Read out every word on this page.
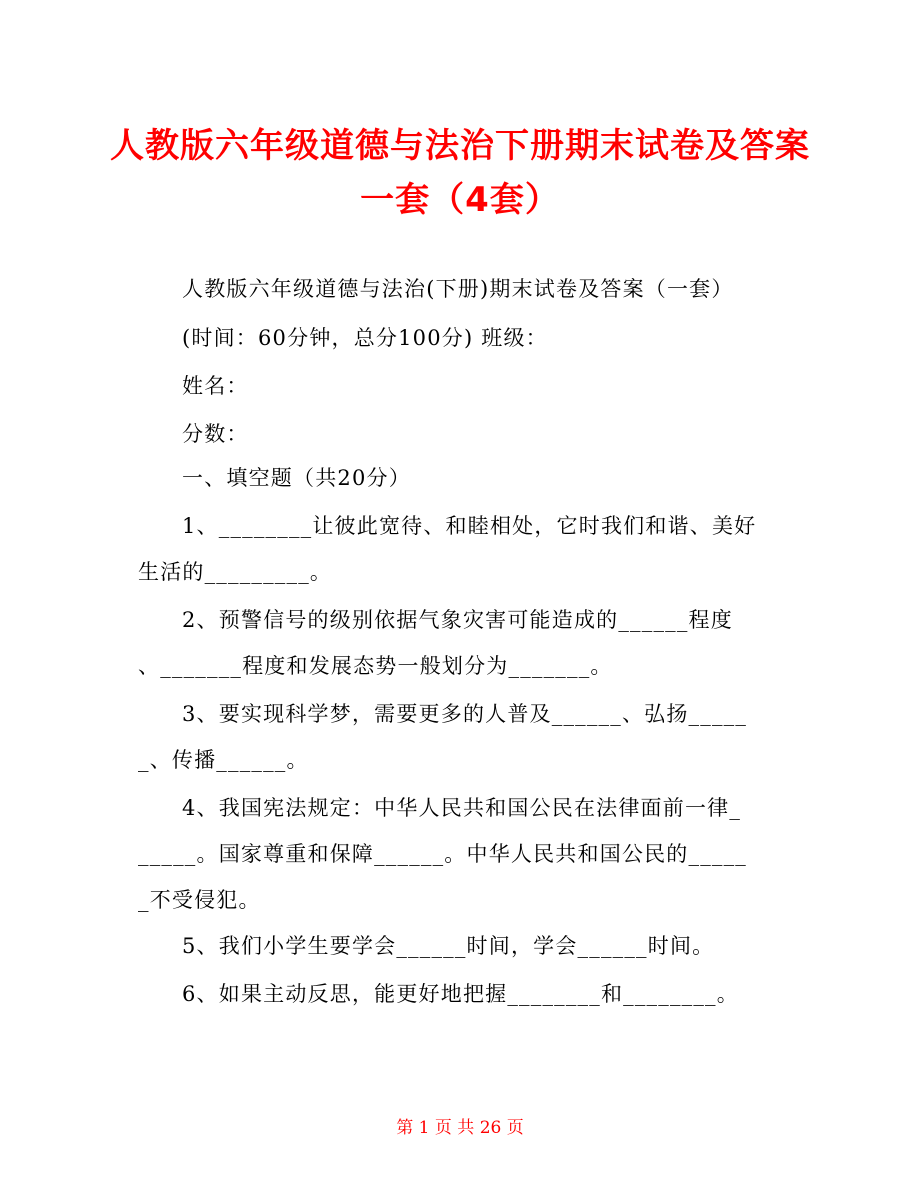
人教版六年级道德与法治下册期末试卷及答案
一套（4套）
人教版六年级道德与法治(下册)期末试卷及答案（一套）
(时间：60分钟，总分100分) 班级：
姓名：
分数：
一、填空题（共20分）
1、________让彼此宽待、和睦相处，它时我们和谐、美好
生活的_________。
2、预警信号的级别依据气象灾害可能造成的______程度
、_______程度和发展态势一般划分为_______。
3、要实现科学梦，需要更多的人普及______、弘扬_____
_、传播______。
4、我国宪法规定：中华人民共和国公民在法律面前一律_
_____。国家尊重和保障______。中华人民共和国公民的_____
_不受侵犯。
5、我们小学生要学会______时间，学会______时间。
6、如果主动反思，能更好地把握________和________。
第 1 页 共 26 页
